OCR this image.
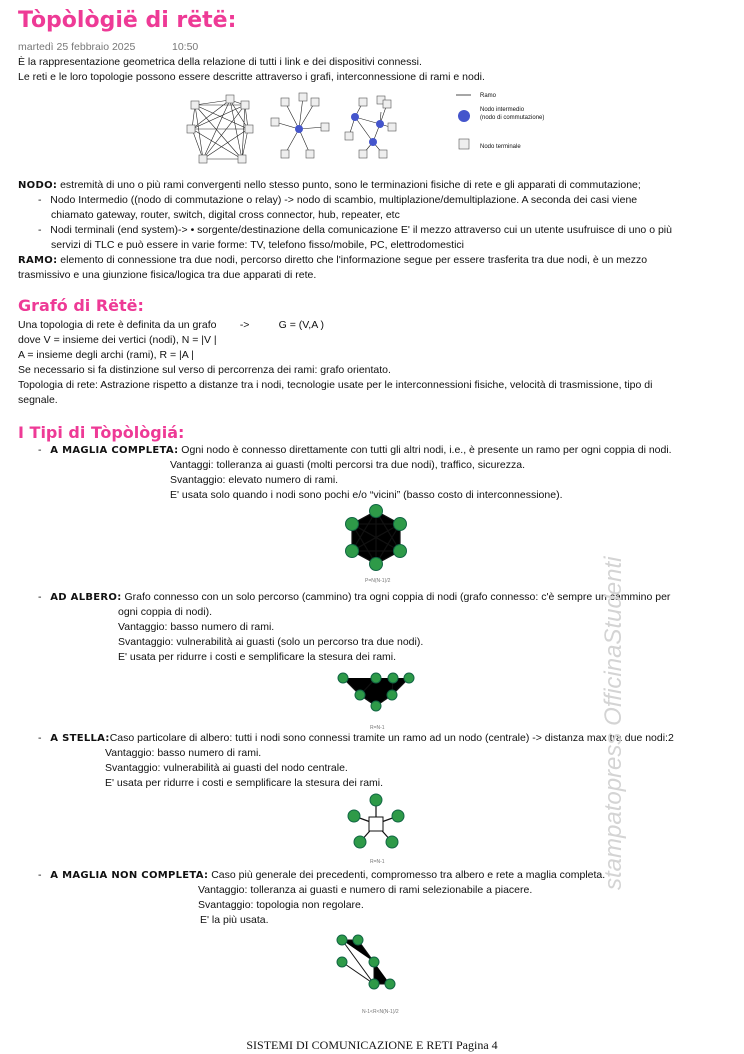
Tòpòlògië di rëtë:
martedì 25 febbraio 2025	10:50
È la rappresentazione geometrica della relazione di tutti i link e dei dispositivi connessi.
Le reti e le loro topologie possono essere descritte attraverso i grafi, interconnessione di rami e nodi.
Ramo
Nodo intermedio
(nodo di commutazione)
Nodo terminale
NODO: estremità di uno o più rami convergenti nello stesso punto, sono le terminazioni fisiche di rete e gli apparati di commutazione;
-   Nodo Intermedio ((nodo di commutazione o relay) -> nodo di scambio, multiplazione/demultiplazione. A seconda dei casi viene
chiamato gateway, router, switch, digital cross connector, hub, repeater, etc
-   Nodi terminali (end system)-> • sorgente/destinazione della comunicazione E' il mezzo attraverso cui un utente usufruisce di uno o più
servizi di TLC e può essere in varie forme: TV, telefono fisso/mobile, PC, elettrodomestici
RAMO: elemento di connessione tra due nodi, percorso diretto che l'informazione segue per essere trasferita tra due nodi, è un mezzo
trasmissivo e una giunzione fisica/logica tra due apparati di rete.
Grafó di Rëtë:
Una topologia di rete è definita da un grafo        ->          G = (V,A )
dove V = insieme dei vertici (nodi), N = |V |
A = insieme degli archi (rami), R = |A |
Se necessario si fa distinzione sul verso di percorrenza dei rami: grafo orientato.
Topologia di rete: Astrazione rispetto a distanze tra i nodi, tecnologie usate per le interconnessioni fisiche, velocità di trasmissione, tipo di
segnale.
I Tipi di Tòpòlògiá:
-   A MAGLIA COMPLETA: Ogni nodo è connesso direttamente con tutti gli altri nodi, i.e., è presente un ramo per ogni coppia di nodi.
Vantaggi: tolleranza ai guasti (molti percorsi tra due nodi), traffico, sicurezza.
Svantaggio: elevato numero di rami.
E' usata solo quando i nodi sono pochi e/o “vicini” (basso costo di interconnessione).
P=N(N-1)/2
-   AD ALBERO: Grafo connesso con un solo percorso (cammino) tra ogni coppia di nodi (grafo connesso: c'è sempre un cammino per
ogni coppia di nodi).
Vantaggio: basso numero di rami.
Svantaggio: vulnerabilità ai guasti (solo un percorso tra due nodi).
E' usata per ridurre i costi e semplificare la stesura dei rami.
R=N-1
-   A STELLA:Caso particolare di albero: tutti i nodi sono connessi tramite un ramo ad un nodo (centrale) -> distanza max tra due nodi:2
Vantaggio: basso numero di rami.
Svantaggio: vulnerabilità ai guasti del nodo centrale.
E' usata per ridurre i costi e semplificare la stesura dei rami.
R=N-1
-   A MAGLIA NON COMPLETA: Caso più generale dei precedenti, compromesso tra albero e rete a maglia completa.
Vantaggio: tolleranza ai guasti e numero di rami selezionabile a piacere.
Svantaggio: topologia non regolare.
E' la più usata.
N-1<R<N(N-1)/2
stampatopress OfficinaStudenti
SISTEMI DI COMUNICAZIONE E RETI Pagina 4
